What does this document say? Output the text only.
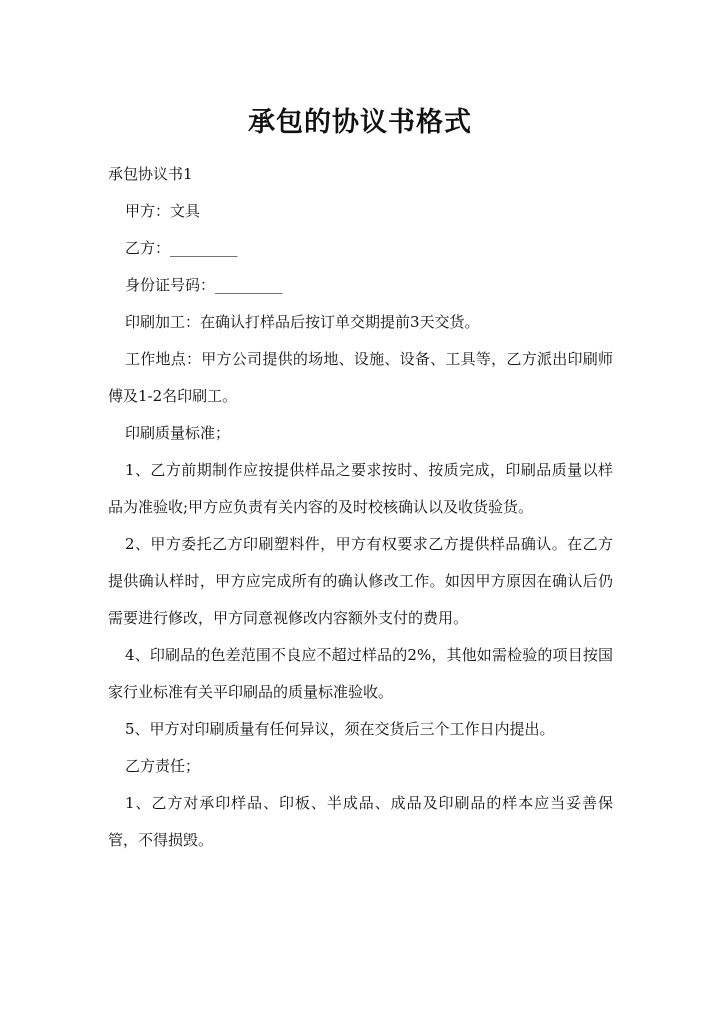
承包的协议书格式

承包协议书1

甲方：文具

乙方：_________

身份证号码：_________

印刷加工：在确认打样品后按订单交期提前3天交货。

工作地点：甲方公司提供的场地、设施、设备、工具等，乙方派出印刷师傅及1-2名印刷工。

印刷质量标准；

1、乙方前期制作应按提供样品之要求按时、按质完成，印刷品质量以样品为准验收;甲方应负责有关内容的及时校核确认以及收货验货。

2、甲方委托乙方印刷塑料件，甲方有权要求乙方提供样品确认。在乙方提供确认样时，甲方应完成所有的确认修改工作。如因甲方原因在确认后仍需要进行修改，甲方同意视修改内容额外支付的费用。

4、印刷品的色差范围不良应不超过样品的2%，其他如需检验的项目按国家行业标准有关平印刷品的质量标准验收。

5、甲方对印刷质量有任何异议，须在交货后三个工作日内提出。

乙方责任；

1、乙方对承印样品、印板、半成品、成品及印刷品的样本应当妥善保管，不得损毁。
